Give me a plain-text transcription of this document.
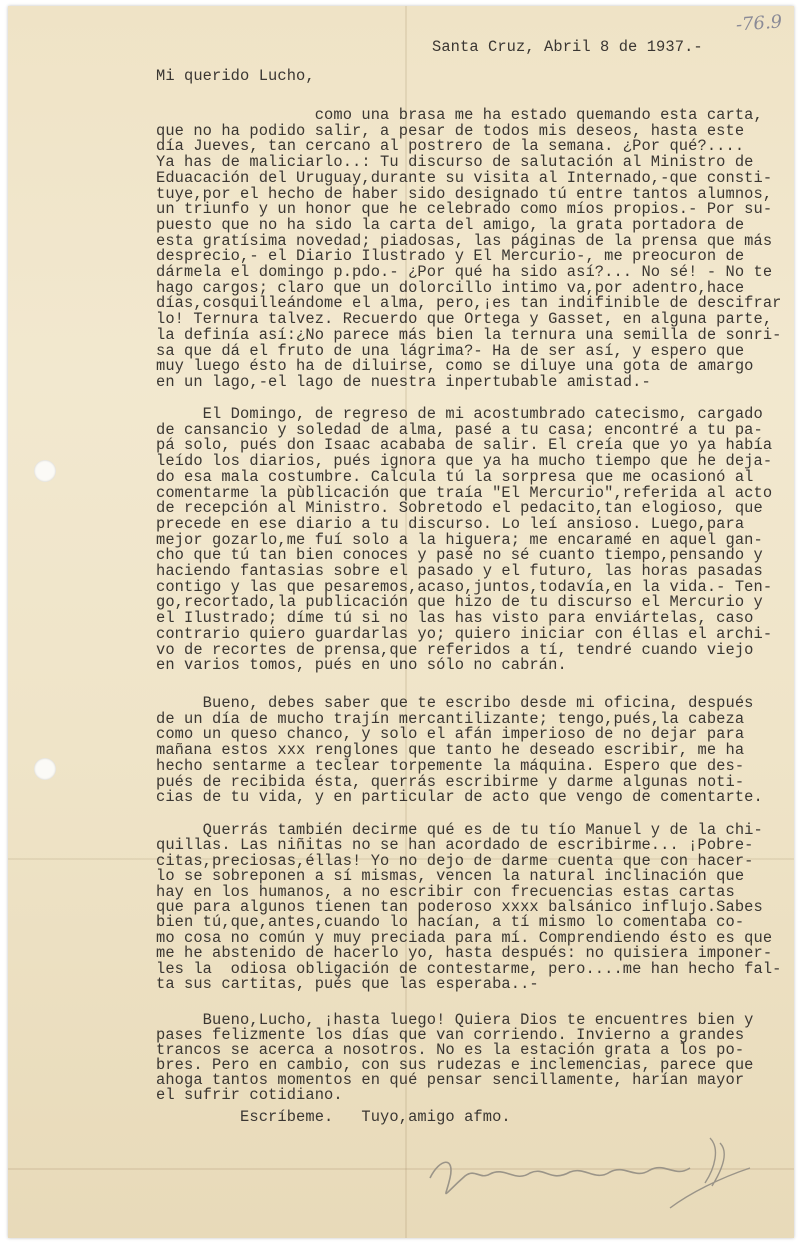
-76.9
Santa Cruz, Abril 8 de 1937.-
Mi querido Lucho,
como una brasa me ha estado quemando esta carta,
que no ha podido salir, a pesar de todos mis deseos, hasta este
día Jueves, tan cercano al postrero de la semana. ¿Por qué?....
Ya has de maliciarlo..: Tu discurso de salutación al Ministro de
Eduacación del Uruguay,durante su visita al Internado,-que consti-
tuye,por el hecho de haber sido designado tú entre tantos alumnos,
un triunfo y un honor que he celebrado como míos propios.- Por su-
puesto que no ha sido la carta del amigo, la grata portadora de
esta gratísima novedad; piadosas, las páginas de la prensa que más
desprecio,- el Diario Ilustrado y El Mercurio-, me preocuron de
dármela el domingo p.pdo.- ¿Por qué ha sido así?... No sé! - No te
hago cargos; claro que un dolorcillo intimo va,por adentro,hace
días,cosquilleándome el alma, pero,¡es tan indifinible de descifrar
lo! Ternura talvez. Recuerdo que Ortega y Gasset, en alguna parte,
la definía así:¿No parece más bien la ternura una semilla de sonri-
sa que dá el fruto de una lágrima?- Ha de ser así, y espero que
muy luego ésto ha de diluirse, como se diluye una gota de amargo
en un lago,-el lago de nuestra inpertubable amistad.-
El Domingo, de regreso de mi acostumbrado catecismo, cargado
de cansancio y soledad de alma, pasé a tu casa; encontré a tu pa-
pá solo, pués don Isaac acababa de salir. El creía que yo ya había
leído los diarios, pués ignora que ya ha mucho tiempo que he deja-
do esa mala costumbre. Calcula tú la sorpresa que me ocasionó al
comentarme la pùblicación que traía "El Mercurio",referida al acto
de recepción al Ministro. Sobretodo el pedacito,tan elogioso, que
precede en ese diario a tu discurso. Lo leí ansioso. Luego,para
mejor gozarlo,me fuí solo a la higuera; me encaramé en aquel gan-
cho que tú tan bien conoces y pasé no sé cuanto tiempo,pensando y
haciendo fantasias sobre el pasado y el futuro, las horas pasadas
contigo y las que pesaremos,acaso,juntos,todavía,en la vida.- Ten-
go,recortado,la publicación que hizo de tu discurso el Mercurio y
el Ilustrado; díme tú si no las has visto para enviártelas, caso
contrario quiero guardarlas yo; quiero iniciar con éllas el archi-
vo de recortes de prensa,que referidos a tí, tendré cuando viejo
en varios tomos, pués en uno sólo no cabrán.
Bueno, debes saber que te escribo desde mi oficina, después
de un día de mucho trajín mercantilizante; tengo,pués,la cabeza
como un queso chanco, y solo el afán imperioso de no dejar para
mañana estos xxx renglones que tanto he deseado escribir, me ha
hecho sentarme a teclear torpemente la máquina. Espero que des-
pués de recibida ésta, querrás escribirme y darme algunas noti-
cias de tu vida, y en particular de acto que vengo de comentarte.
Querrás también decirme qué es de tu tío Manuel y de la chi-
quillas. Las niñitas no se han acordado de escribirme... ¡Pobre-
citas,preciosas,éllas! Yo no dejo de darme cuenta que con hacer-
lo se sobreponen a sí mismas, vencen la natural inclinación que
hay en los humanos, a no escribir con frecuencias estas cartas
que para algunos tienen tan poderoso xxxx balsánico influjo.Sabes
bien tú,que,antes,cuando lo hacían, a tí mismo lo comentaba co-
mo cosa no común y muy preciada para mí. Comprendiendo ésto es que
me he abstenido de hacerlo yo, hasta después: no quisiera imponer-
les la  odiosa obligación de contestarme, pero....me han hecho fal-
ta sus cartitas, pués que las esperaba..-
Bueno,Lucho, ¡hasta luego! Quiera Dios te encuentres bien y
pases felizmente los días que van corriendo. Invierno a grandes
trancos se acerca a nosotros. No es la estación grata a los po-
bres. Pero en cambio, con sus rudezas e inclemencias, parece que
ahoga tantos momentos en qué pensar sencillamente, harían mayor
el sufrir cotidiano.
Escríbeme.   Tuyo,amigo afmo.
